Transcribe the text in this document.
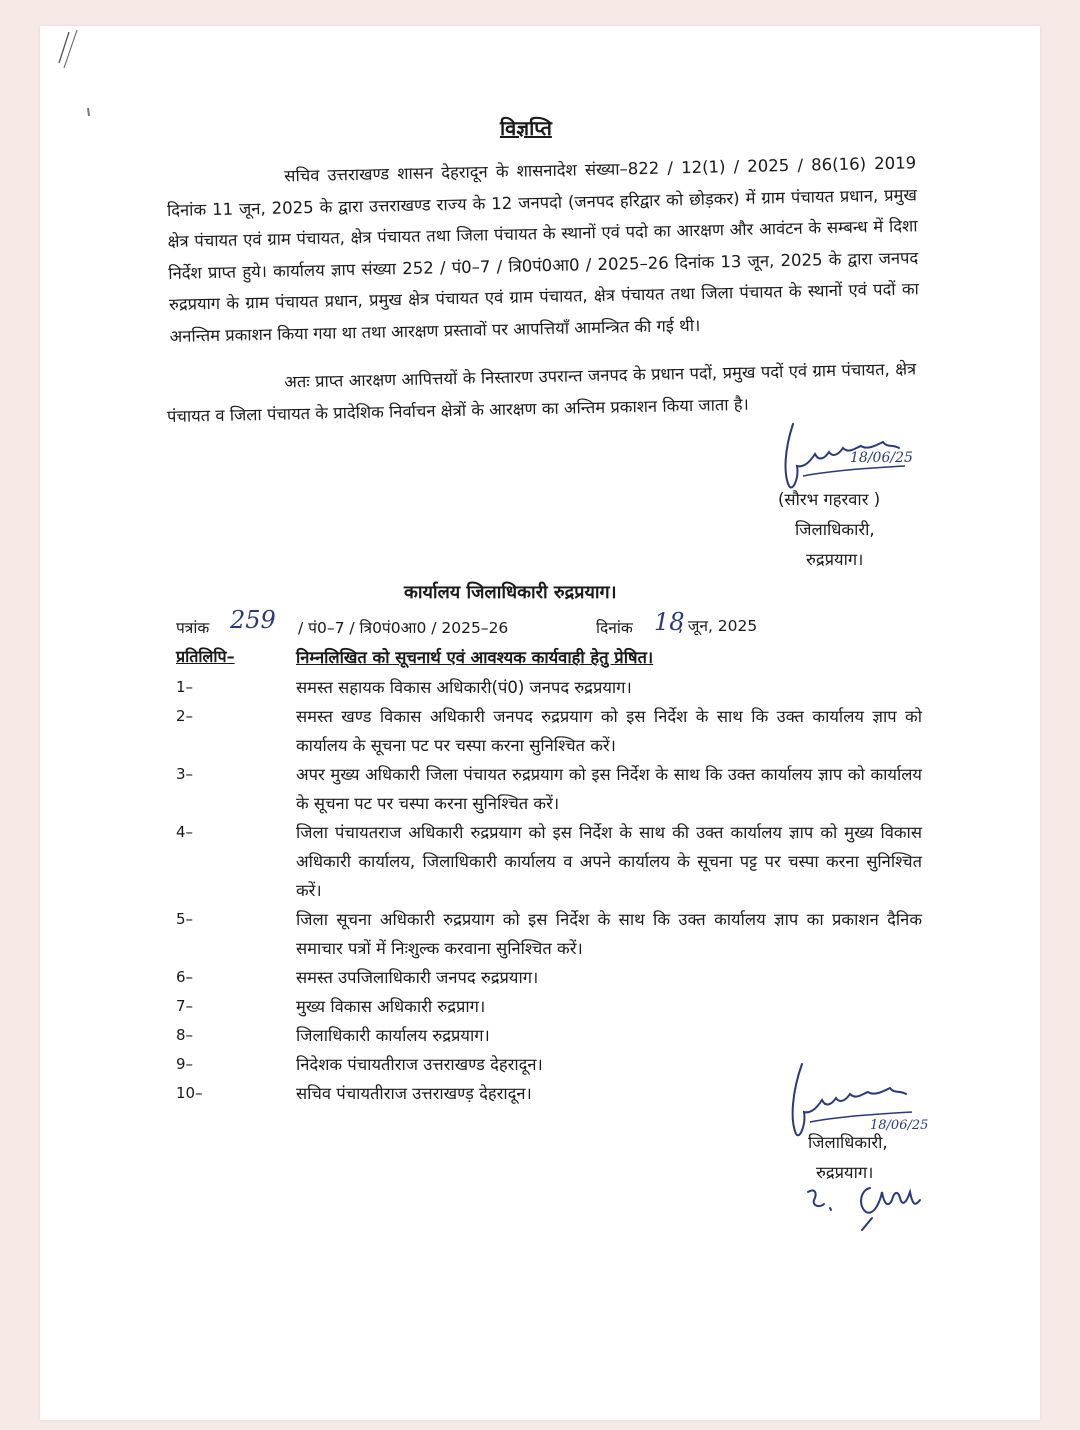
विज्ञप्ति
सचिव उत्तराखण्ड शासन देहरादून के शासनादेश संख्या–822 / 12(1) / 2025 / 86(16) 2019 दिनांक 11 जून, 2025 के द्वारा उत्तराखण्ड राज्य के 12 जनपदो (जनपद हरिद्वार को छोड़कर) में ग्राम पंचायत प्रधान, प्रमुख क्षेत्र पंचायत एवं ग्राम पंचायत, क्षेत्र पंचायत तथा जिला पंचायत के स्थानों एवं पदो का आरक्षण और आवंटन के सम्बन्ध में दिशा निर्देश प्राप्त हुये। कार्यालय ज्ञाप संख्या 252 / पं0–7 / त्रि0पं0आ0 / 2025–26 दिनांक 13 जून, 2025 के द्वारा जनपद रुद्रप्रयाग के ग्राम पंचायत प्रधान, प्रमुख क्षेत्र पंचायत एवं ग्राम पंचायत, क्षेत्र पंचायत तथा जिला पंचायत के स्थानों एवं पदों का अनन्तिम प्रकाशन किया गया था तथा आरक्षण प्रस्तावों पर आपत्तियॉं आमन्त्रित की गई थी।
अतः प्राप्त आरक्षण आपित्तयों के निस्तारण उपरान्त जनपद के प्रधान पदों, प्रमुख पदों एवं ग्राम पंचायत, क्षेत्र पंचायत व जिला पंचायत के प्रादेशिक निर्वाचन क्षेत्रों के आरक्षण का अन्तिम प्रकाशन किया जाता है।
18/06/25
(सौरभ गहरवार )
जिलाधिकारी,
रुद्रप्रयाग।
कार्यालय जिलाधिकारी रुद्रप्रयाग।
पत्रांक 259 / पं0–7 / त्रि0पं0आ0 / 2025–26	दिनांक 18
, जून, 2025
प्रतिलिपि–	निम्नलिखित को सूचनार्थ एवं आवश्यक कार्यवाही हेतु प्रेषित।
1–	समस्त सहायक विकास अधिकारी(पं0) जनपद रुद्रप्रयाग।
2–	समस्त खण्ड विकास अधिकारी जनपद रुद्रप्रयाग को इस निर्देश के साथ कि उक्त कार्यालय ज्ञाप को कार्यालय के सूचना पट पर चस्पा करना सुनिश्चित करें।
3–	अपर मुख्य अधिकारी जिला पंचायत रुद्रप्रयाग को इस निर्देश के साथ कि उक्त कार्यालय ज्ञाप को कार्यालय के सूचना पट पर चस्पा करना सुनिश्चित करें।
4–	जिला पंचायतराज अधिकारी रुद्रप्रयाग को इस निर्देश के साथ की उक्त कार्यालय ज्ञाप को मुख्य विकास अधिकारी कार्यालय, जिलाधिकारी कार्यालय व अपने कार्यालय के सूचना पट्ट पर चस्पा करना सुनिश्चित करें।
5–	जिला सूचना अधिकारी रुद्रप्रयाग को इस निर्देश के साथ कि उक्त कार्यालय ज्ञाप का प्रकाशन दैनिक समाचार पत्रों में निःशुल्क करवाना सुनिश्चित करें।
6–	समस्त उपजिलाधिकारी जनपद रुद्रप्रयाग।
7–	मुख्य विकास अधिकारी रुद्रप्राग।
8–	जिलाधिकारी कार्यालय रुद्रप्रयाग।
9–	निदेशक पंचायतीराज उत्तराखण्ड देहरादून।
10–	सचिव पंचायतीराज उत्तराखण्ड़ देहरादून।
18/06/25
जिलाधिकारी,
रुद्रप्रयाग।
